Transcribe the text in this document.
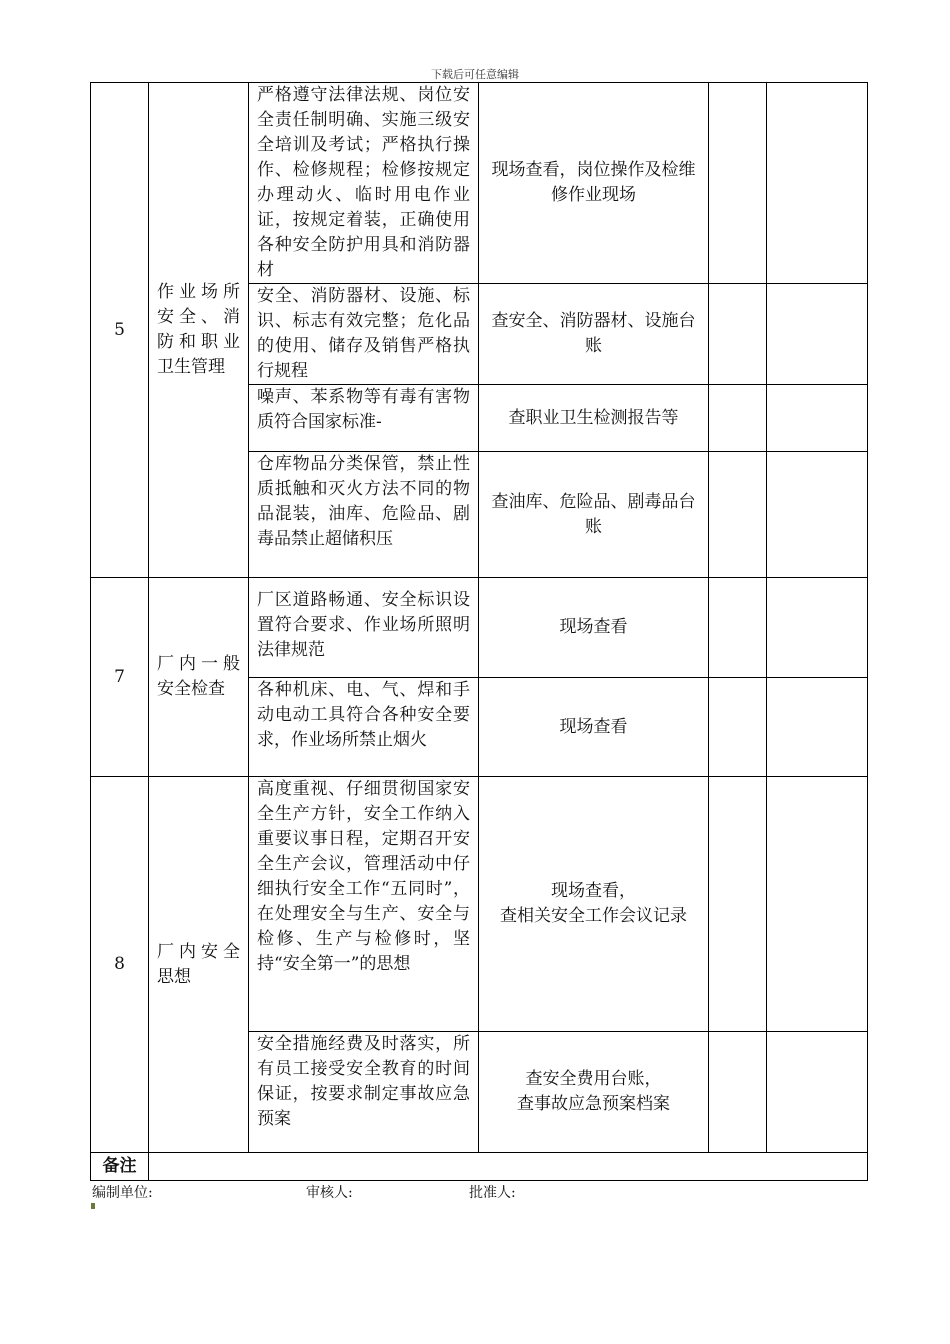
下载后可任意编辑
5	作业场所安全、消防和职业卫生管理	严格遵守法律法规、岗位安全责任制明确、实施三级安全培训及考试；严格执行操作、检修规程；检修按规定办理动火、临时用电作业证，按规定着装，正确使用各种安全防护用具和消防器材	现场查看，岗位操作及检维修作业现场		
		安全、消防器材、设施、标识、标志有效完整；危化品的使用、储存及销售严格执行规程	查安全、消防器材、设施台账		
		噪声、苯系物等有毒有害物质符合国家标准-	查职业卫生检测报告等		
		仓库物品分类保管，禁止性质抵触和灭火方法不同的物品混装，油库、危险品、剧毒品禁止超储积压	查油库、危险品、剧毒品台账		
7	厂内一般安全检查	厂区道路畅通、安全标识设置符合要求、作业场所照明法律规范	现场查看		
		各种机床、电、气、焊和手动电动工具符合各种安全要求，作业场所禁止烟火	现场查看		
8	厂内安全思想	高度重视、仔细贯彻国家安全生产方针，安全工作纳入重要议事日程，定期召开安全生产会议，管理活动中仔细执行安全工作“五同时”，在处理安全与生产、安全与检修、生产与检修时，坚持“安全第一”的思想	现场查看，
查相关安全工作会议记录		

		安全措施经费及时落实，所有员工接受安全教育的时间保证，按要求制定事故应急预案	查安全费用台账，
查事故应急预案档案		

备注					
编制单位:	审核人:	批准人:
